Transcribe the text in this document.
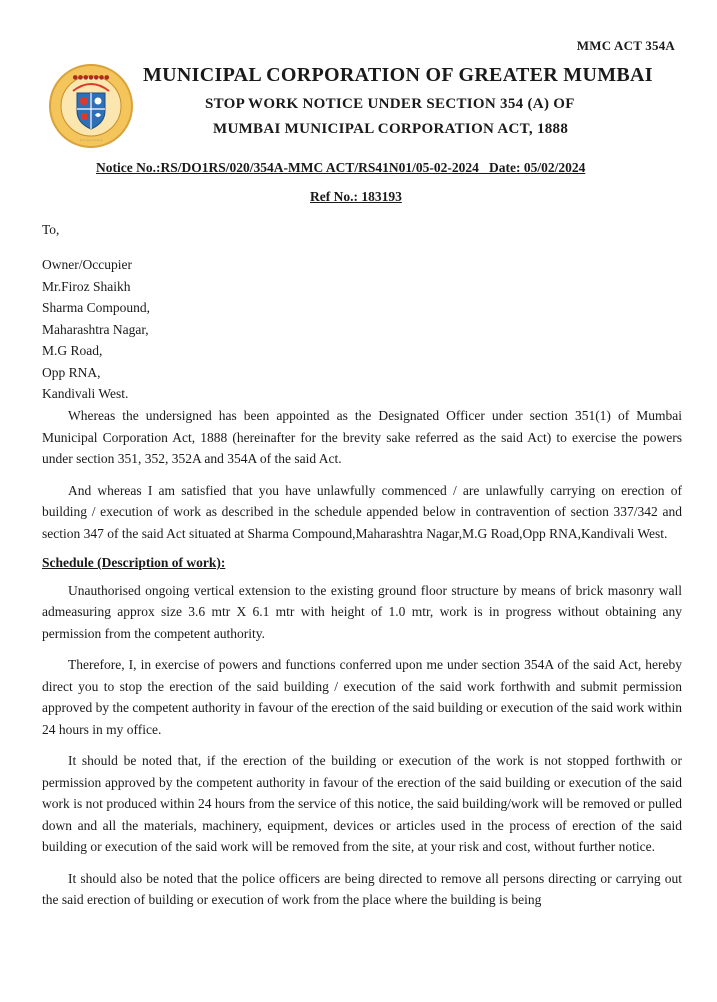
MMC ACT 354A
●●●●●●●
◦◦◦◦◦◦◦◦
MUNICIPAL CORPORATION OF GREATER MUMBAI
STOP WORK NOTICE UNDER SECTION 354 (A) OF
MUMBAI MUNICIPAL CORPORATION ACT, 1888
Notice No.:RS/DO1RS/020/354A-MMC ACT/RS41N01/05-02-2024   Date: 05/02/2024
Ref No.: 183193
To,
Owner/Occupier
Mr.Firoz Shaikh
Sharma Compound,
Maharashtra Nagar,
M.G Road,
Opp RNA,
Kandivali West.

Whereas the undersigned has been appointed as the Designated Officer under section 351(1) of Mumbai Municipal Corporation Act, 1888 (hereinafter for the brevity sake referred as the said Act) to exercise the powers under section 351, 352, 352A and 354A of the said Act.

And whereas I am satisfied that you have unlawfully commenced / are unlawfully carrying on erection of building / execution of work as described in the schedule appended below in contravention of section 337/342 and section 347 of the said Act situated at Sharma Compound,Maharashtra Nagar,M.G Road,Opp RNA,Kandivali West.

Schedule (Description of work):

Unauthorised ongoing vertical extension to the existing ground floor structure by means of brick masonry wall admeasuring approx size 3.6 mtr X 6.1 mtr with height of 1.0 mtr, work is in progress without obtaining any permission from the competent authority.

Therefore, I, in exercise of powers and functions conferred upon me under section 354A of the said Act, hereby direct you to stop the erection of the said building / execution of the said work forthwith and submit permission approved by the competent authority in favour of the erection of the said building or execution of the said work within 24 hours in my office.

It should be noted that, if the erection of the building or execution of the work is not stopped forthwith or permission approved by the competent authority in favour of the erection of the said building or execution of the said work is not produced within 24 hours from the service of this notice, the said building/work will be removed or pulled down and all the materials, machinery, equipment, devices or articles used in the process of erection of the said building or execution of the said work will be removed from the site, at your risk and cost, without further notice.

It should also be noted that the police officers are being directed to remove all persons directing or carrying out the said erection of building or execution of work from the place where the building is being
